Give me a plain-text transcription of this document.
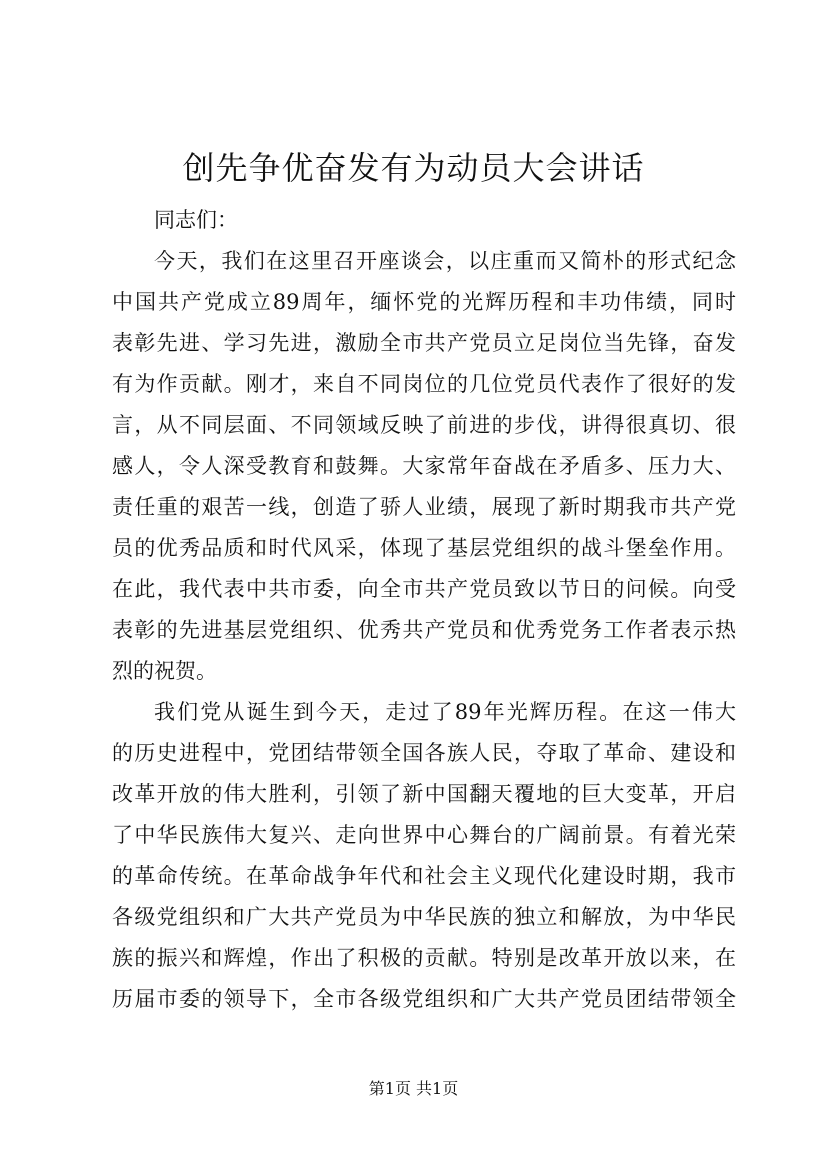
创先争优奋发有为动员大会讲话
同志们：
今天，我们在这里召开座谈会，以庄重而又简朴的形式纪念
中国共产党成立89周年，缅怀党的光辉历程和丰功伟绩，同时
表彰先进、学习先进，激励全市共产党员立足岗位当先锋，奋发
有为作贡献。刚才，来自不同岗位的几位党员代表作了很好的发
言，从不同层面、不同领域反映了前进的步伐，讲得很真切、很
感人，令人深受教育和鼓舞。大家常年奋战在矛盾多、压力大、
责任重的艰苦一线，创造了骄人业绩，展现了新时期我市共产党
员的优秀品质和时代风采，体现了基层党组织的战斗堡垒作用。
在此，我代表中共市委，向全市共产党员致以节日的问候。向受
表彰的先进基层党组织、优秀共产党员和优秀党务工作者表示热
烈的祝贺。
我们党从诞生到今天，走过了89年光辉历程。在这一伟大
的历史进程中，党团结带领全国各族人民，夺取了革命、建设和
改革开放的伟大胜利，引领了新中国翻天覆地的巨大变革，开启
了中华民族伟大复兴、走向世界中心舞台的广阔前景。有着光荣
的革命传统。在革命战争年代和社会主义现代化建设时期，我市
各级党组织和广大共产党员为中华民族的独立和解放，为中华民
族的振兴和辉煌，作出了积极的贡献。特别是改革开放以来，在
历届市委的领导下，全市各级党组织和广大共产党员团结带领全
第1页 共1页
